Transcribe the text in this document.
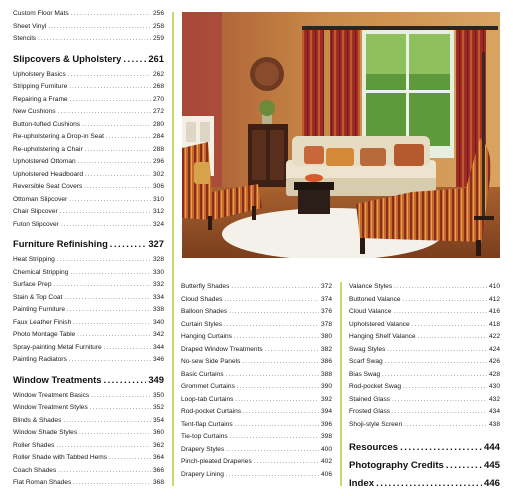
Custom Floor Mats .....	256
Sheet Vinyl .....	258
Stencils .....	259
Slipcovers & Upholstery .....	261
Upholstery Basics .....	262
Stripping Furniture .....	268
Repairing a Frame .....	270
New Cushions .....	272
Button-tufted Cushions .....	280
Re-upholstering a Drop-in Seat .....	284
Re-upholstering a Chair .....	288
Upholstered Ottoman .....	296
Upholstered Headboard .....	302
Reversible Seat Covers .....	306
Ottoman Slipcover .....	310
Chair Slipcover .....	312
Futon Slipcover .....	324
Furniture Refinishing .....	327
Heat Stripping .....	328
Chemical Stripping .....	330
Surface Prep .....	332
Stain & Top Coat .....	334
Painting Furniture .....	338
Faux Leather Finish .....	340
Photo Montage Table .....	342
Spray-painting Metal Furniture .....	344
Painting Radiators .....	346
Window Treatments .....	349
Window Treatment Basics .....	350
Window Treatment Styles .....	352
Blinds & Shades .....	354
Window Shade Styles .....	360
Roller Shades .....	362
Roller Shade with Tabbed Hems .....	364
Coach Shades .....	366
Flat Roman Shades .....	368
Butterfly Shades .....	372
Cloud Shades .....	374
Balloon Shades .....	376
Curtain Styles .....	378
Hanging Curtains .....	380
Draped Window Treatments .....	382
No-sew Side Panels .....	386
Basic Curtains .....	388
Grommet Curtains .....	390
Loop-tab Curtains .....	392
Rod-pocket Curtains .....	394
Tent-flap Curtains .....	396
Tie-top Curtains .....	398
Drapery Styles .....	400
Pinch-pleated Draperies .....	402
Drapery Lining .....	406
Valance Styles .....	410
Buttoned Valance .....	412
Cloud Valance .....	416
Upholstered Valance .....	418
Hanging Shelf Valance .....	422
Swag Styles .....	424
Scarf Swag .....	426
Bias Swag .....	428
Rod-pocket Swag .....	430
Stained Glass .....	432
Frosted Glass .....	434
Shoji-style Screen .....	438
Resources .....	444
Photography Credits .....	445
Index .....	446
